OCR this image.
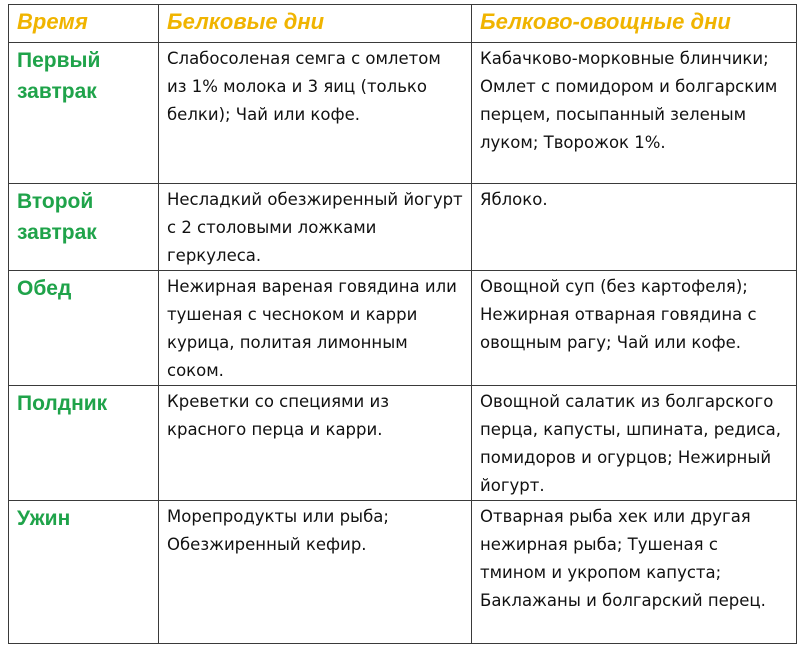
Время	Белковые дни	Белково-овощные дни
Первый завтрак	Слабосоленая семга с омлетом из 1% молока и 3 яиц (только белки); Чай или кофе.	Кабачково-морковные блинчики; Омлет с помидором и болгарским перцем, посыпанный зеленым луком; Творожок 1%.
Второй завтрак	Несладкий обезжиренный йогурт с 2 столовыми ложками геркулеса.	Яблоко.
Обед	Нежирная вареная говядина или тушеная с чесноком и карри курица, политая лимонным соком.	Овощной суп (без картофеля); Нежирная отварная говядина с овощным рагу; Чай или кофе.
Полдник	Креветки со специями из красного перца и карри.	Овощной салатик из болгарского перца, капусты, шпината, редиса, помидоров и огурцов; Нежирный йогурт.
Ужин	Морепродукты или рыба; Обезжиренный кефир.	Отварная рыба хек или другая нежирная рыба; Тушеная с тмином и укропом капуста; Баклажаны и болгарский перец.
